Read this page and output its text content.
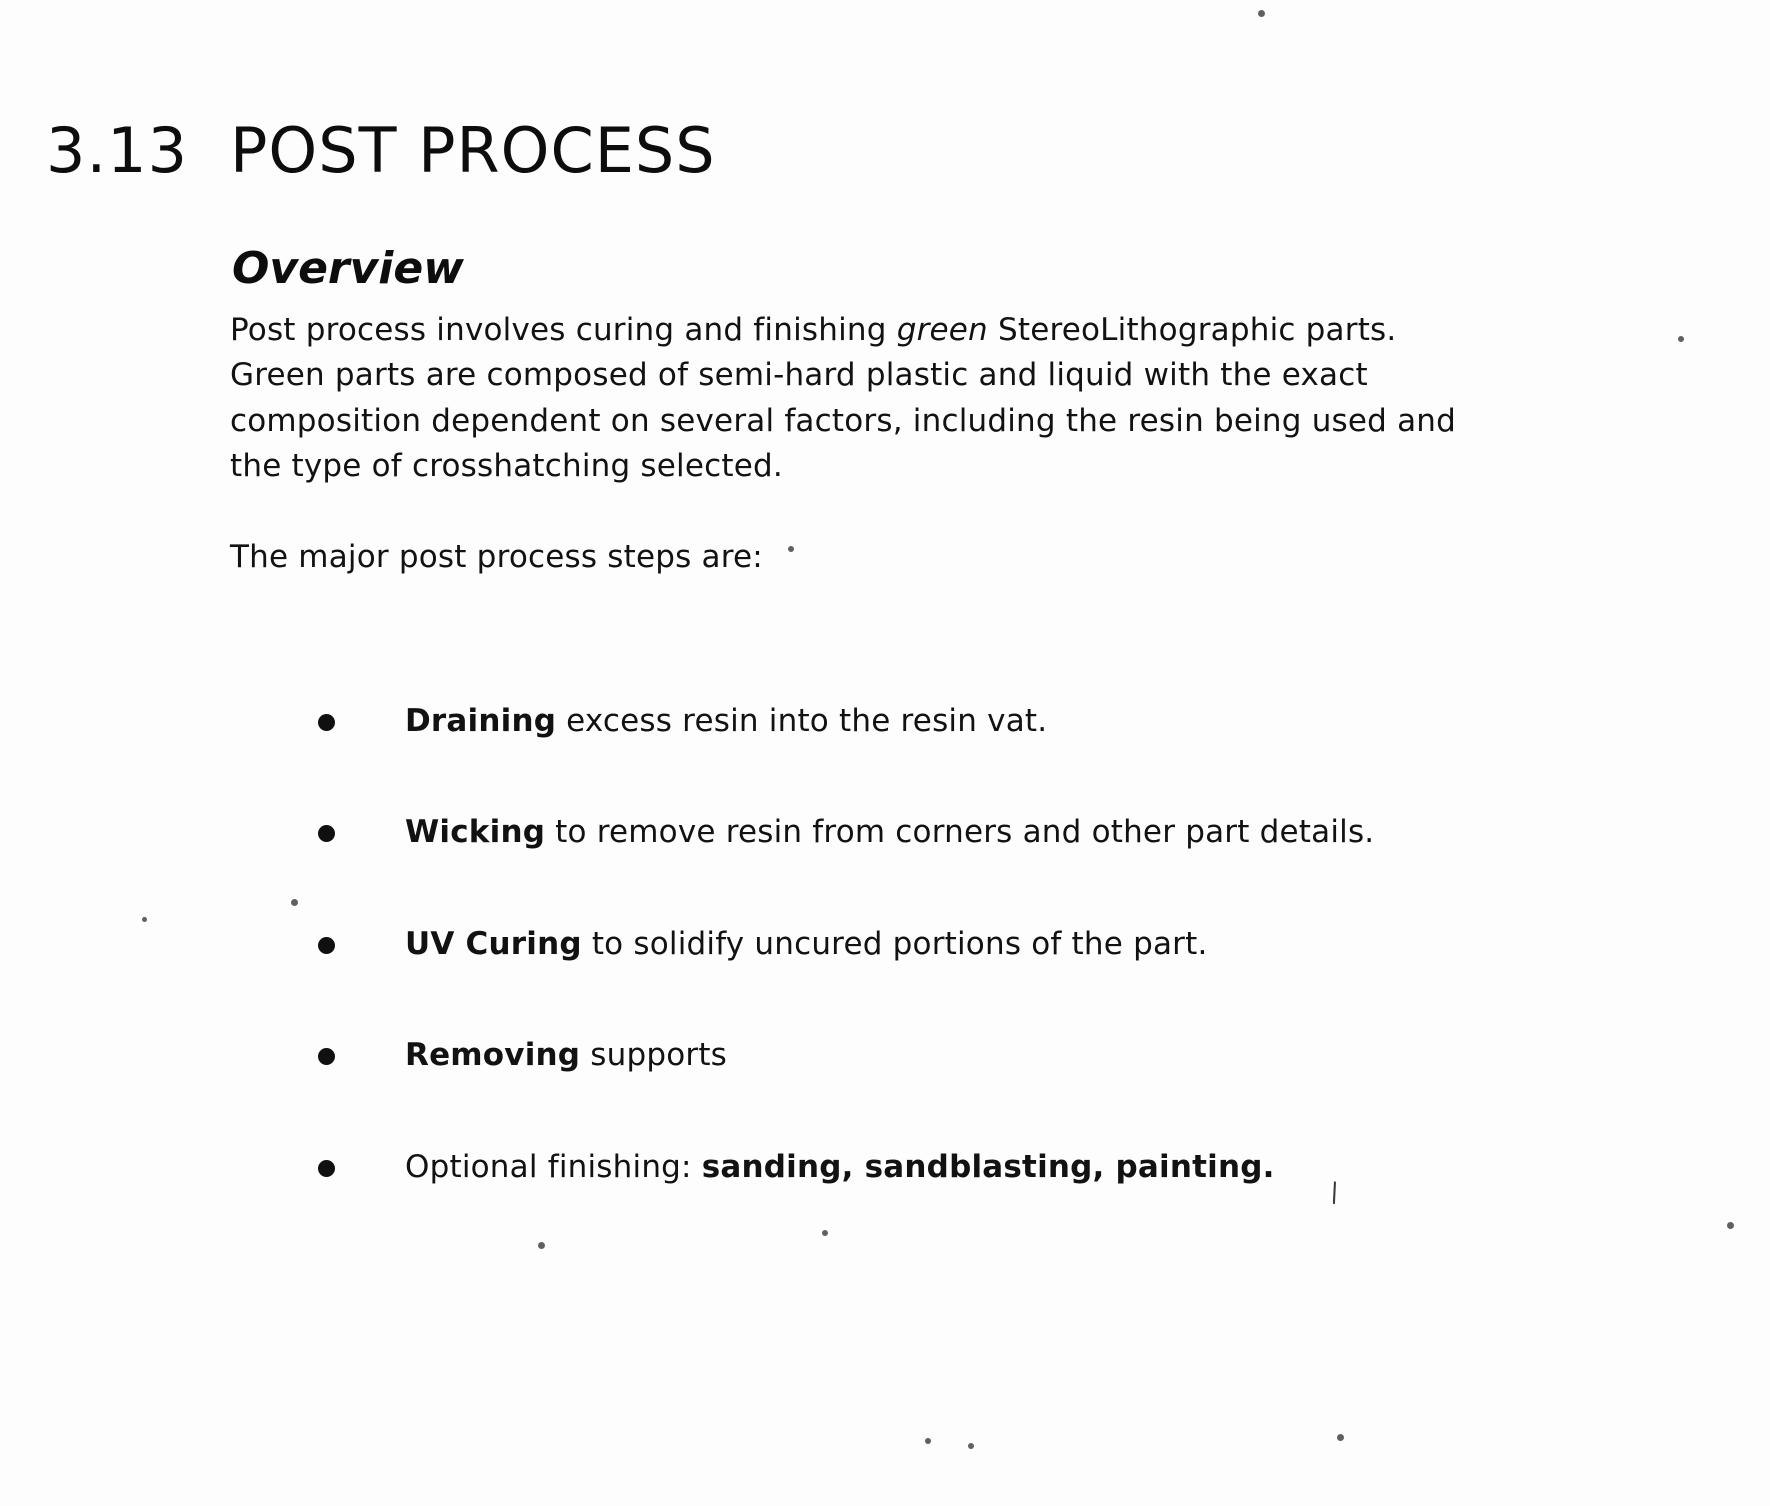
\
3.13 POST PROCESS
Overview

Post process involves curing and finishing green StereoLithographic parts. Green parts are composed of semi-hard plastic and liquid with the exact composition dependent on several factors, including the resin being used and the type of crosshatching selected.

The major post process steps are:

Draining excess resin into the resin vat.
Wicking to remove resin from corners and other part details.
UV Curing to solidify uncured portions of the part.
Removing supports
Optional finishing: sanding, sandblasting, painting.
